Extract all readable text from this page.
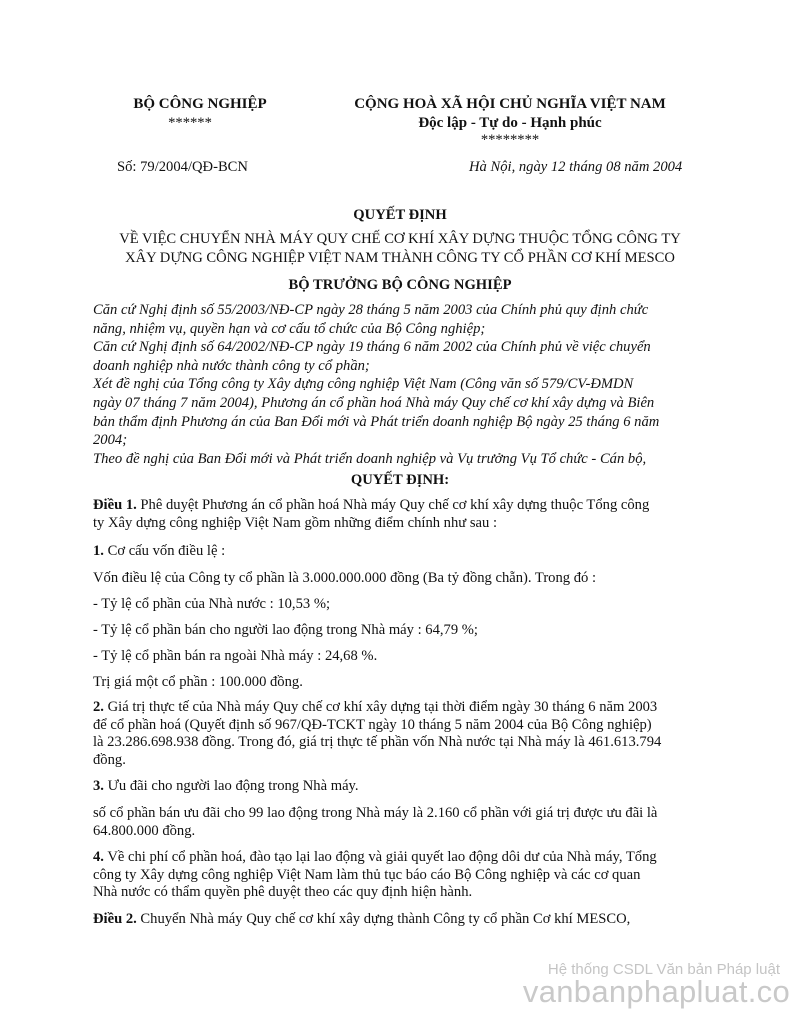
BỘ CÔNG NGHIỆP
******
CỘNG HOÀ XÃ HỘI CHỦ NGHĨA VIỆT NAM
Độc lập - Tự do - Hạnh phúc
********
Số: 79/2004/QĐ-BCN	Hà Nội, ngày 12 tháng 08 năm 2004
QUYẾT ĐỊNH
VỀ VIỆC CHUYỂN NHÀ MÁY QUY CHẾ CƠ KHÍ XÂY DỰNG THUỘC TỔNG CÔNG TY
XÂY DỰNG CÔNG NGHIỆP VIỆT NAM THÀNH CÔNG TY CỔ PHẦN CƠ KHÍ MESCO
BỘ TRƯỞNG BỘ CÔNG NGHIỆP

Căn cứ Nghị định số 55/2003/NĐ-CP ngày 28 tháng 5 năm 2003 của Chính phủ quy định chức

năng, nhiệm vụ, quyền hạn và cơ cấu tổ chức của Bộ Công nghiệp;

Căn cứ Nghị định số 64/2002/NĐ-CP ngày 19 tháng 6 năm 2002 của Chính phủ về việc chuyển

doanh nghiệp nhà nước thành công ty cổ phần;

Xét đề nghị của Tổng công ty Xây dựng công nghiệp Việt Nam (Công văn số 579/CV-ĐMDN

ngày 07 tháng 7 năm 2004), Phương án cổ phần hoá Nhà máy Quy chế cơ khí xây dựng và Biên

bản thẩm định Phương án của Ban Đổi mới và Phát triển doanh nghiệp Bộ ngày 25 tháng 6 năm

2004;

Theo đề nghị của Ban Đổi mới và Phát triển doanh nghiệp và Vụ trưởng Vụ Tổ chức - Cán bộ,

QUYẾT ĐỊNH:

Điều 1. Phê duyệt Phương án cổ phần hoá Nhà máy Quy chế cơ khí xây dựng thuộc Tổng công

ty Xây dựng công nghiệp Việt Nam gồm những điểm chính như sau :

1. Cơ cấu vốn điều lệ :

Vốn điều lệ của Công ty cổ phần là 3.000.000.000 đồng (Ba tỷ đồng chẵn). Trong đó :

- Tỷ lệ cổ phần của Nhà nước : 10,53 %;

- Tỷ lệ cổ phần bán cho người lao động trong Nhà máy : 64,79 %;

- Tỷ lệ cổ phần bán ra ngoài Nhà máy : 24,68 %.

Trị giá một cổ phần : 100.000 đồng.

2. Giá trị thực tế của Nhà máy Quy chế cơ khí xây dựng tại thời điểm ngày 30 tháng 6 năm 2003

để cổ phần hoá (Quyết định số 967/QĐ-TCKT ngày 10 tháng 5 năm 2004 của Bộ Công nghiệp)

là 23.286.698.938 đồng. Trong đó, giá trị thực tế phần vốn Nhà nước tại Nhà máy là 461.613.794

đồng.

3. Ưu đãi cho người lao động trong Nhà máy.

số cổ phần bán ưu đãi cho 99 lao động trong Nhà máy là 2.160 cổ phần với giá trị được ưu đãi là

64.800.000 đồng.

4. Về chi phí cổ phần hoá, đào tạo lại lao động và giải quyết lao động dôi dư của Nhà máy, Tổng

công ty Xây dựng công nghiệp Việt Nam làm thủ tục báo cáo Bộ Công nghiệp và các cơ quan

Nhà nước có thẩm quyền phê duyệt theo các quy định hiện hành.

Điều 2. Chuyển Nhà máy Quy chế cơ khí xây dựng thành Công ty cổ phần Cơ khí MESCO,

Hệ thống CSDL Văn bản Pháp luật
vanbanphapluat.co
